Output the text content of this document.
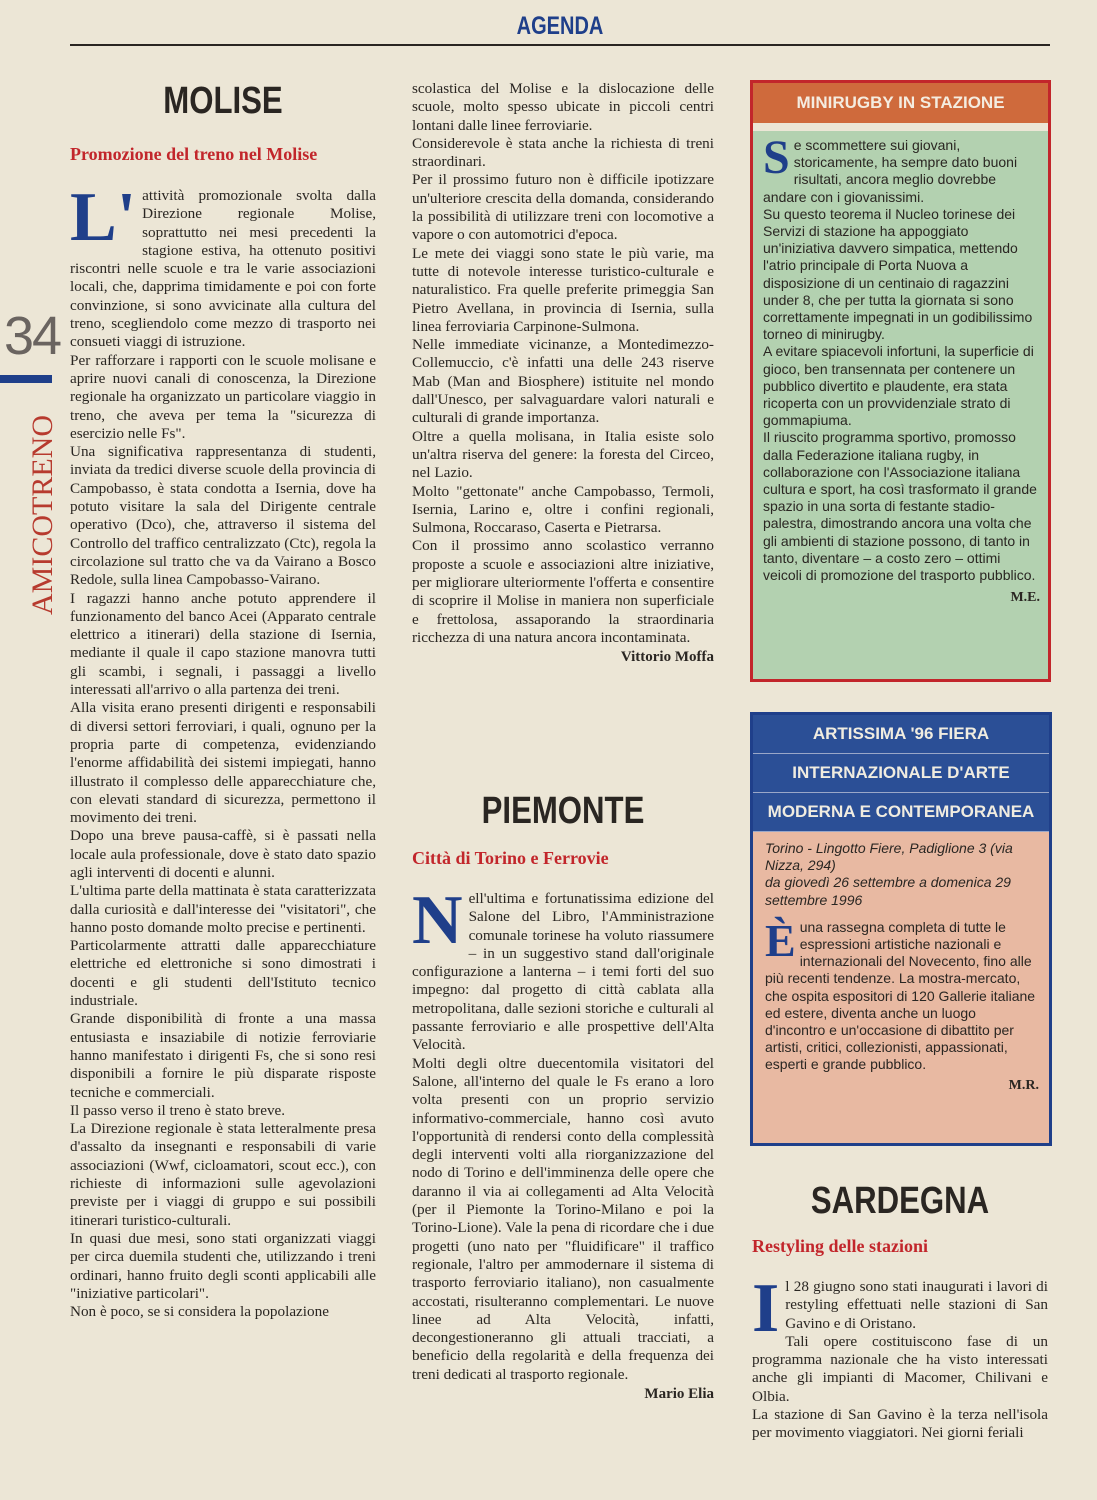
AGENDA
34
AMICOTRENO
MOLISE
Promozione del treno nel Molise
L' attività promozionale svolta dalla Direzione regionale Molise, soprattutto nei mesi precedenti la stagione estiva, ha ottenuto positivi riscontri nelle scuole e tra le varie associazioni locali, che, dapprima timidamente e poi con forte convinzione, si sono avvicinate alla cultura del treno, scegliendolo come mezzo di trasporto nei consueti viaggi di istruzione.

Per rafforzare i rapporti con le scuole molisane e aprire nuovi canali di conoscenza, la Direzione regionale ha organizzato un particolare viaggio in treno, che aveva per tema la "sicurezza di esercizio nelle Fs".

Una significativa rappresentanza di studenti, inviata da tredici diverse scuole della provincia di Campobasso, è stata condotta a Isernia, dove ha potuto visitare la sala del Dirigente centrale operativo (Dco), che, attraverso il sistema del Controllo del traffico centralizzato (Ctc), regola la circolazione sul tratto che va da Vairano a Bosco Redole, sulla linea Campobasso-Vairano.

I ragazzi hanno anche potuto apprendere il funzionamento del banco Acei (Apparato centrale elettrico a itinerari) della stazione di Isernia, mediante il quale il capo stazione manovra tutti gli scambi, i segnali, i passaggi a livello interessati all'arrivo o alla partenza dei treni.

Alla visita erano presenti dirigenti e responsabili di diversi settori ferroviari, i quali, ognuno per la propria parte di competenza, evidenziando l'enorme affidabilità dei sistemi impiegati, hanno illustrato il complesso delle apparecchiature che, con elevati standard di sicurezza, permettono il movimento dei treni.

Dopo una breve pausa-caffè, si è passati nella locale aula professionale, dove è stato dato spazio agli interventi di docenti e alunni.

L'ultima parte della mattinata è stata caratterizzata dalla curiosità e dall'interesse dei "visitatori", che hanno posto domande molto precise e pertinenti.

Particolarmente attratti dalle apparecchiature elettriche ed elettroniche si sono dimostrati i docenti e gli studenti dell'Istituto tecnico industriale.

Grande disponibilità di fronte a una massa entusiasta e insaziabile di notizie ferroviarie hanno manifestato i dirigenti Fs, che si sono resi disponibili a fornire le più disparate risposte tecniche e commerciali.

Il passo verso il treno è stato breve.

La Direzione regionale è stata letteralmente presa d'assalto da insegnanti e responsabili di varie associazioni (Wwf, cicloamatori, scout ecc.), con richieste di informazioni sulle agevolazioni previste per i viaggi di gruppo e sui possibili itinerari turistico-culturali.

In quasi due mesi, sono stati organizzati viaggi per circa duemila studenti che, utilizzando i treni ordinari, hanno fruito degli sconti applicabili alle "iniziative particolari".

Non è poco, se si considera la popolazione

scolastica del Molise e la dislocazione delle scuole, molto spesso ubicate in piccoli centri lontani dalle linee ferroviarie.

Considerevole è stata anche la richiesta di treni straordinari.

Per il prossimo futuro non è difficile ipotizzare un'ulteriore crescita della domanda, considerando la possibilità di utilizzare treni con locomotive a vapore o con automotrici d'epoca.

Le mete dei viaggi sono state le più varie, ma tutte di notevole interesse turistico-culturale e naturalistico. Fra quelle preferite primeggia San Pietro Avellana, in provincia di Isernia, sulla linea ferroviaria Carpinone-Sulmona.

Nelle immediate vicinanze, a Montedimezzo-Collemuccio, c'è infatti una delle 243 riserve Mab (Man and Biosphere) istituite nel mondo dall'Unesco, per salvaguardare valori naturali e culturali di grande importanza.

Oltre a quella molisana, in Italia esiste solo un'altra riserva del genere: la foresta del Circeo, nel Lazio.

Molto "gettonate" anche Campobasso, Termoli, Isernia, Larino e, oltre i confini regionali, Sulmona, Roccaraso, Caserta e Pietrarsa.

Con il prossimo anno scolastico verranno proposte a scuole e associazioni altre iniziative, per migliorare ulteriormente l'offerta e consentire di scoprire il Molise in maniera non superficiale e frettolosa, assaporando la straordinaria ricchezza di una natura ancora incontaminata.

Vittorio Moffa
PIEMONTE
Città di Torino e Ferrovie
N ell'ultima e fortunatissima edizione del Salone del Libro, l'Amministrazione comunale torinese ha voluto riassumere – in un suggestivo stand dall'originale configurazione a lanterna – i temi forti del suo impegno: dal progetto di città cablata alla metropolitana, dalle sezioni storiche e culturali al passante ferroviario e alle prospettive dell'Alta Velocità.

Molti degli oltre duecentomila visitatori del Salone, all'interno del quale le Fs erano a loro volta presenti con un proprio servizio informativo-commerciale, hanno così avuto l'opportunità di rendersi conto della complessità degli interventi volti alla riorganizzazione del nodo di Torino e dell'imminenza delle opere che daranno il via ai collegamenti ad Alta Velocità (per il Piemonte la Torino-Milano e poi la Torino-Lione). Vale la pena di ricordare che i due progetti (uno nato per "fluidificare" il traffico regionale, l'altro per ammodernare il sistema di trasporto ferroviario italiano), non casualmente accostati, risulteranno complementari. Le nuove linee ad Alta Velocità, infatti, decongestioneranno gli attuali tracciati, a beneficio della regolarità e della frequenza dei treni dedicati al trasporto regionale.

Mario Elia
MINIRUGBY IN STAZIONE
S e scommettere sui giovani, storicamente, ha sempre dato buoni risultati, ancora meglio dovrebbe andare con i giovanissimi.

Su questo teorema il Nucleo torinese dei Servizi di stazione ha appoggiato un'iniziativa davvero simpatica, mettendo l'atrio principale di Porta Nuova a disposizione di un centinaio di ragazzini under 8, che per tutta la giornata si sono correttamente impegnati in un godibilissimo torneo di minirugby.

A evitare spiacevoli infortuni, la superficie di gioco, ben transennata per contenere un pubblico divertito e plaudente, era stata ricoperta con un provvidenziale strato di gommapiuma.

Il riuscito programma sportivo, promosso dalla Federazione italiana rugby, in collaborazione con l'Associazione italiana cultura e sport, ha così trasformato il grande spazio in una sorta di festante stadio-palestra, dimostrando ancora una volta che gli ambienti di stazione possono, di tanto in tanto, diventare – a costo zero – ottimi veicoli di promozione del trasporto pubblico.

M.E.
ARTISSIMA '96 FIERA
INTERNAZIONALE D'ARTE
MODERNA E CONTEMPORANEA

Torino - Lingotto Fiere, Padiglione 3 (via Nizza, 294)

da giovedì 26 settembre a domenica 29 settembre 1996

È una rassegna completa di tutte le espressioni artistiche nazionali e internazionali del Novecento, fino alle più recenti tendenze. La mostra-mercato, che ospita espositori di 120 Gallerie italiane ed estere, diventa anche un luogo d'incontro e un'occasione di dibattito per artisti, critici, collezionisti, appassionati, esperti e grande pubblico.

M.R.
SARDEGNA
Restyling delle stazioni
I l 28 giugno sono stati inaugurati i lavori di restyling effettuati nelle stazioni di San Gavino e di Oristano.

Tali opere costituiscono fase di un programma nazionale che ha visto interessati anche gli impianti di Macomer, Chilivani e Olbia.

La stazione di San Gavino è la terza nell'isola per movimento viaggiatori. Nei giorni feriali
